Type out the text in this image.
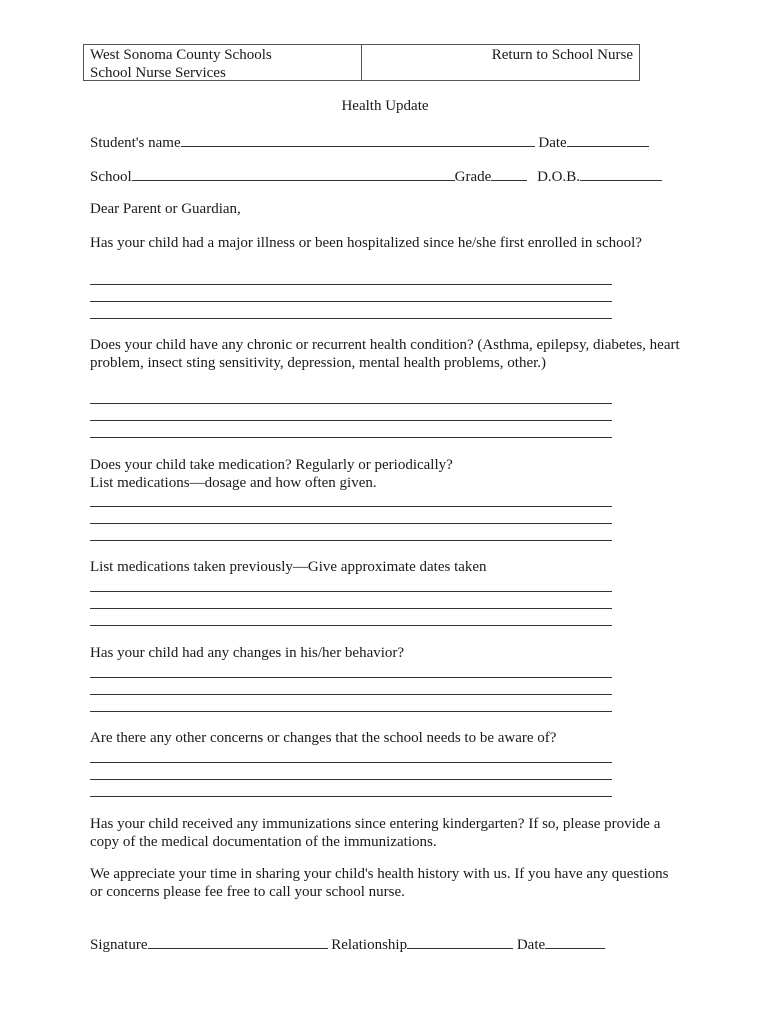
West Sonoma County Schools
School Nurse Services
Return to School Nurse
Health Update
Student's name	Date
School	Grade	D.O.B.
Dear Parent or Guardian,
Has your child had a major illness or been hospitalized since he/she first enrolled in school?
Does your child have any chronic or recurrent health condition? (Asthma, epilepsy, diabetes, heart problem, insect sting sensitivity, depression, mental health problems, other.)
Does your child take medication? Regularly or periodically?
List medications—dosage and how often given.
List medications taken previously—Give approximate dates taken
Has your child had any changes in his/her behavior?
Are there any other concerns or changes that the school needs to be aware of?
Has your child received any immunizations since entering kindergarten? If so, please provide a copy of the medical documentation of the immunizations.
We appreciate your time in sharing your child's health history with us. If you have any questions or concerns please fee free to call your school nurse.
Signature	Relationship	Date
